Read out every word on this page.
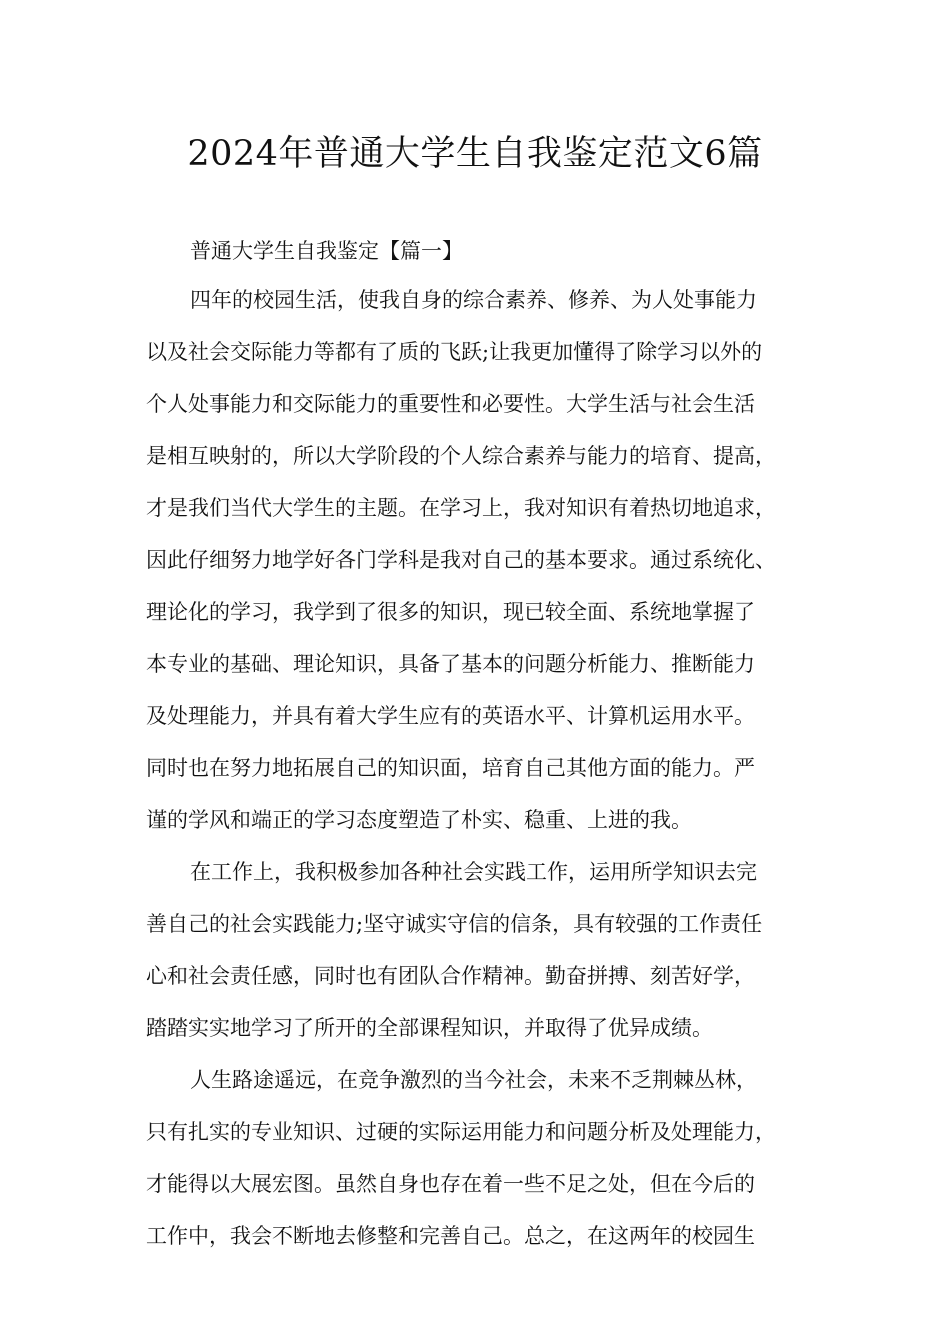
2024年普通大学生自我鉴定范文6篇

普通大学生自我鉴定【篇一】

四年的校园生活，使我自身的综合素养、修养、为人处事能力
以及社会交际能力等都有了质的飞跃;让我更加懂得了除学习以外的
个人处事能力和交际能力的重要性和必要性。大学生活与社会生活
是相互映射的，所以大学阶段的个人综合素养与能力的培育、提高，
才是我们当代大学生的主题。在学习上，我对知识有着热切地追求，
因此仔细努力地学好各门学科是我对自己的基本要求。通过系统化、
理论化的学习，我学到了很多的知识，现已较全面、系统地掌握了
本专业的基础、理论知识，具备了基本的问题分析能力、推断能力
及处理能力，并具有着大学生应有的英语水平、计算机运用水平。
同时也在努力地拓展自己的知识面，培育自己其他方面的能力。严
谨的学风和端正的学习态度塑造了朴实、稳重、上进的我。

在工作上，我积极参加各种社会实践工作，运用所学知识去完
善自己的社会实践能力;坚守诚实守信的信条，具有较强的工作责任
心和社会责任感，同时也有团队合作精神。勤奋拼搏、刻苦好学，
踏踏实实地学习了所开的全部课程知识，并取得了优异成绩。

人生路途遥远，在竞争激烈的当今社会，未来不乏荆棘丛林，
只有扎实的专业知识、过硬的实际运用能力和问题分析及处理能力，
才能得以大展宏图。虽然自身也存在着一些不足之处，但在今后的
工作中，我会不断地去修整和完善自己。总之，在这两年的校园生
